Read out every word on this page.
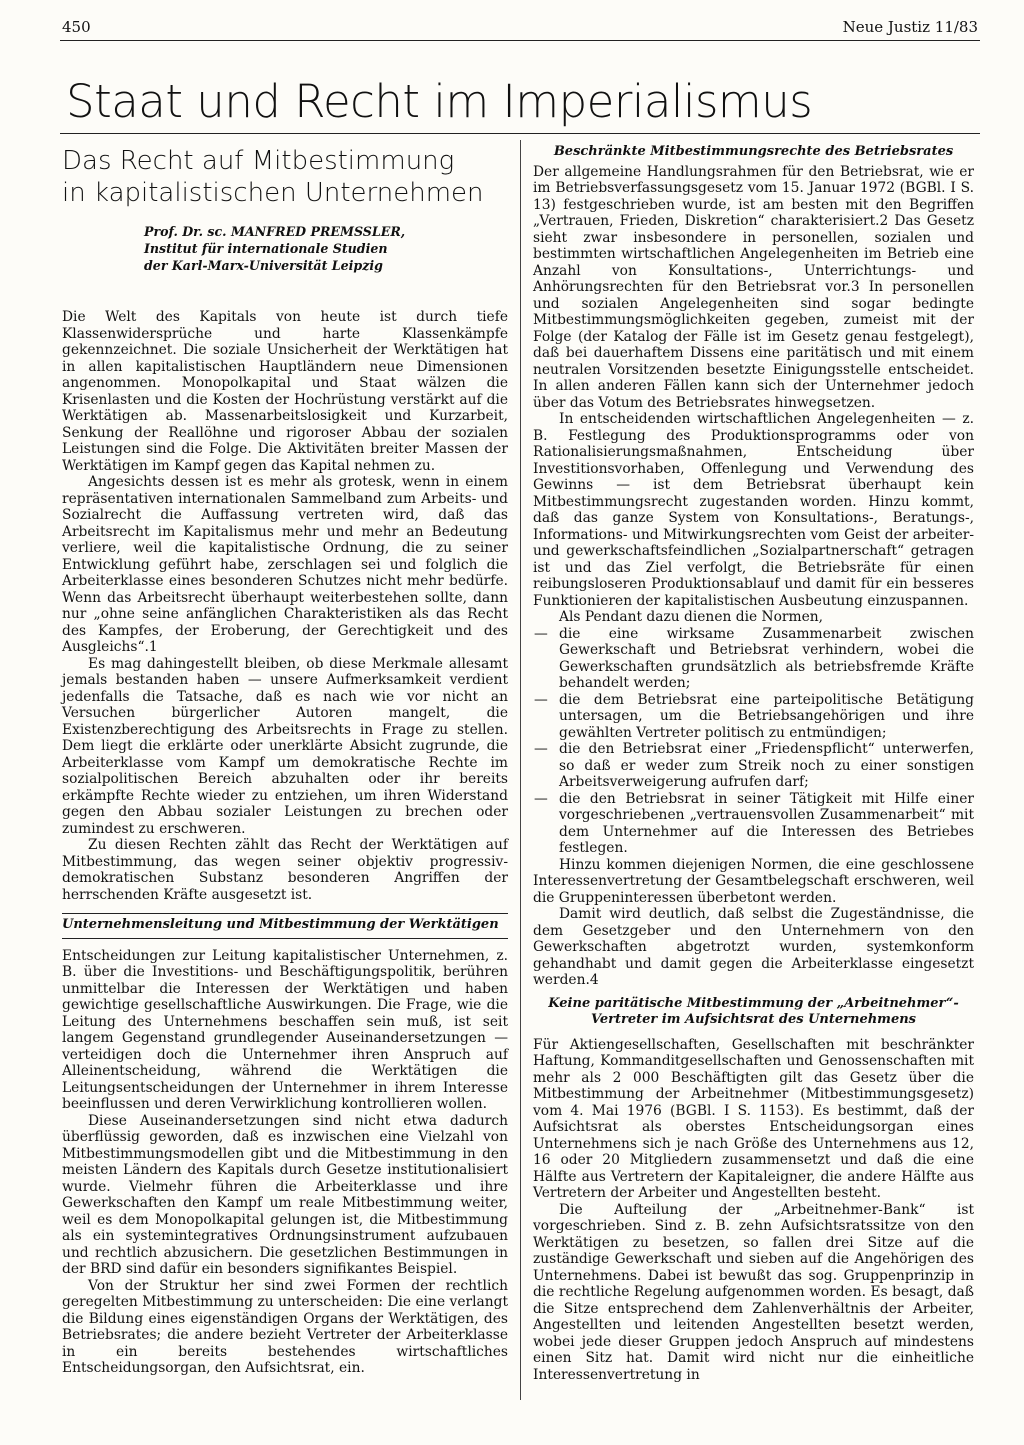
450	Neue Justiz 11/83
Staat und Recht im Imperialismus
Das Recht auf Mitbestimmung
in kapitalistischen Unternehmen
Prof. Dr. sc. MANFRED PREMSSLER,
Institut für internationale Studien
der Karl-Marx-Universität Leipzig

Die Welt des Kapitals von heute ist durch tiefe Klassenwidersprüche und harte Klassenkämpfe gekennzeichnet. Die soziale Unsicherheit der Werktätigen hat in allen kapitalistischen Hauptländern neue Dimensionen angenommen. Monopolkapital und Staat wälzen die Krisenlasten und die Kosten der Hochrüstung verstärkt auf die Werktätigen ab. Massenarbeitslosigkeit und Kurzarbeit, Senkung der Reallöhne und rigoroser Abbau der sozialen Leistungen sind die Folge. Die Aktivitäten breiter Massen der Werktätigen im Kampf gegen das Kapital nehmen zu.

Angesichts dessen ist es mehr als grotesk, wenn in einem repräsentativen internationalen Sammelband zum Arbeits- und Sozialrecht die Auffassung vertreten wird, daß das Arbeitsrecht im Kapitalismus mehr und mehr an Bedeutung verliere, weil die kapitalistische Ordnung, die zu seiner Entwicklung geführt habe, zerschlagen sei und folglich die Arbeiterklasse eines besonderen Schutzes nicht mehr bedürfe. Wenn das Arbeitsrecht überhaupt weiterbestehen sollte, dann nur „ohne seine anfänglichen Charakteristiken als das Recht des Kampfes, der Eroberung, der Gerechtigkeit und des Ausgleichs“.1

Es mag dahingestellt bleiben, ob diese Merkmale allesamt jemals bestanden haben — unsere Aufmerksamkeit verdient jedenfalls die Tatsache, daß es nach wie vor nicht an Versuchen bürgerlicher Autoren mangelt, die Existenzberechtigung des Arbeitsrechts in Frage zu stellen. Dem liegt die erklärte oder unerklärte Absicht zugrunde, die Arbeiterklasse vom Kampf um demokratische Rechte im sozialpolitischen Bereich abzuhalten oder ihr bereits erkämpfte Rechte wieder zu entziehen, um ihren Widerstand gegen den Abbau sozialer Leistungen zu brechen oder zumindest zu erschweren.

Zu diesen Rechten zählt das Recht der Werktätigen auf Mitbestimmung, das wegen seiner objektiv progressiv-demokratischen Substanz besonderen Angriffen der herrschenden Kräfte ausgesetzt ist.

Unternehmensleitung und Mitbestimmung der Werktätigen

Entscheidungen zur Leitung kapitalistischer Unternehmen, z. B. über die Investitions- und Beschäftigungspolitik, berühren unmittelbar die Interessen der Werktätigen und haben gewichtige gesellschaftliche Auswirkungen. Die Frage, wie die Leitung des Unternehmens beschaffen sein muß, ist seit langem Gegenstand grundlegender Auseinandersetzungen — verteidigen doch die Unternehmer ihren Anspruch auf Alleinentscheidung, während die Werktätigen die Leitungsentscheidungen der Unternehmer in ihrem Interesse beeinflussen und deren Verwirklichung kontrollieren wollen.

Diese Auseinandersetzungen sind nicht etwa dadurch überflüssig geworden, daß es inzwischen eine Vielzahl von Mitbestimmungsmodellen gibt und die Mitbestimmung in den meisten Ländern des Kapitals durch Gesetze institutionalisiert wurde. Vielmehr führen die Arbeiterklasse und ihre Gewerkschaften den Kampf um reale Mitbestimmung weiter, weil es dem Monopolkapital gelungen ist, die Mitbestimmung als ein systemintegratives Ordnungsinstrument aufzubauen und rechtlich abzusichern. Die gesetzlichen Bestimmungen in der BRD sind dafür ein besonders signifikantes Beispiel.

Von der Struktur her sind zwei Formen der rechtlich geregelten Mitbestimmung zu unterscheiden: Die eine verlangt die Bildung eines eigenständigen Organs der Werktätigen, des Betriebsrates; die andere bezieht Vertreter der Arbeiterklasse in ein bereits bestehendes wirtschaftliches Entscheidungsorgan, den Aufsichtsrat, ein.

Beschränkte Mitbestimmungsrechte des Betriebsrates

Der allgemeine Handlungsrahmen für den Betriebsrat, wie er im Betriebsverfassungsgesetz vom 15. Januar 1972 (BGBl. I S. 13) festgeschrieben wurde, ist am besten mit den Begriffen „Vertrauen, Frieden, Diskretion“ charakterisiert.2 Das Gesetz sieht zwar insbesondere in personellen, sozialen und bestimmten wirtschaftlichen Angelegenheiten im Betrieb eine Anzahl von Konsultations-, Unterrichtungs- und Anhörungsrechten für den Betriebsrat vor.3 In personellen und sozialen Angelegenheiten sind sogar bedingte Mitbestimmungsmöglichkeiten gegeben, zumeist mit der Folge (der Katalog der Fälle ist im Gesetz genau festgelegt), daß bei dauerhaftem Dissens eine paritätisch und mit einem neutralen Vorsitzenden besetzte Einigungsstelle entscheidet. In allen anderen Fällen kann sich der Unternehmer jedoch über das Votum des Betriebsrates hinwegsetzen.

In entscheidenden wirtschaftlichen Angelegenheiten — z. B. Festlegung des Produktionsprogramms oder von Rationalisierungsmaßnahmen, Entscheidung über Investitionsvorhaben, Offenlegung und Verwendung des Gewinns — ist dem Betriebsrat überhaupt kein Mitbestimmungsrecht zugestanden worden. Hinzu kommt, daß das ganze System von Konsultations-, Beratungs-, Informations- und Mitwirkungsrechten vom Geist der arbeiter- und gewerkschaftsfeindlichen „Sozialpartnerschaft“ getragen ist und das Ziel verfolgt, die Betriebsräte für einen reibungsloseren Produktionsablauf und damit für ein besseres Funktionieren der kapitalistischen Ausbeutung einzuspannen.

Als Pendant dazu dienen die Normen,

— die eine wirksame Zusammenarbeit zwischen Gewerkschaft und Betriebsrat verhindern, wobei die Gewerkschaften grundsätzlich als betriebsfremde Kräfte behandelt werden;

— die dem Betriebsrat eine parteipolitische Betätigung untersagen, um die Betriebsangehörigen und ihre gewählten Vertreter politisch zu entmündigen;

— die den Betriebsrat einer „Friedenspflicht“ unterwerfen, so daß er weder zum Streik noch zu einer sonstigen Arbeitsverweigerung aufrufen darf;

— die den Betriebsrat in seiner Tätigkeit mit Hilfe einer vorgeschriebenen „vertrauensvollen Zusammenarbeit“ mit dem Unternehmer auf die Interessen des Betriebes festlegen.

Hinzu kommen diejenigen Normen, die eine geschlossene Interessenvertretung der Gesamtbelegschaft erschweren, weil die Gruppeninteressen überbetont werden.

Damit wird deutlich, daß selbst die Zugeständnisse, die dem Gesetzgeber und den Unternehmern von den Gewerkschaften abgetrotzt wurden, systemkonform gehandhabt und damit gegen die Arbeiterklasse eingesetzt werden.4

Keine paritätische Mitbestimmung der „Arbeitnehmer“-
Vertreter im Aufsichtsrat des Unternehmens

Für Aktiengesellschaften, Gesellschaften mit beschränkter Haftung, Kommanditgesellschaften und Genossenschaften mit mehr als 2 000 Beschäftigten gilt das Gesetz über die Mitbestimmung der Arbeitnehmer (Mitbestimmungsgesetz) vom 4. Mai 1976 (BGBl. I S. 1153). Es bestimmt, daß der Aufsichtsrat als oberstes Entscheidungsorgan eines Unternehmens sich je nach Größe des Unternehmens aus 12, 16 oder 20 Mitgliedern zusammensetzt und daß die eine Hälfte aus Vertretern der Kapitaleigner, die andere Hälfte aus Vertretern der Arbeiter und Angestellten besteht.

Die Aufteilung der „Arbeitnehmer-Bank“ ist vorgeschrieben. Sind z. B. zehn Aufsichtsratssitze von den Werktätigen zu besetzen, so fallen drei Sitze auf die zuständige Gewerkschaft und sieben auf die Angehörigen des Unternehmens. Dabei ist bewußt das sog. Gruppenprinzip in die rechtliche Regelung aufgenommen worden. Es besagt, daß die Sitze entsprechend dem Zahlenverhältnis der Arbeiter, Angestellten und leitenden Angestellten besetzt werden, wobei jede dieser Gruppen jedoch Anspruch auf mindestens einen Sitz hat. Damit wird nicht nur die einheitliche Interessenvertretung in
